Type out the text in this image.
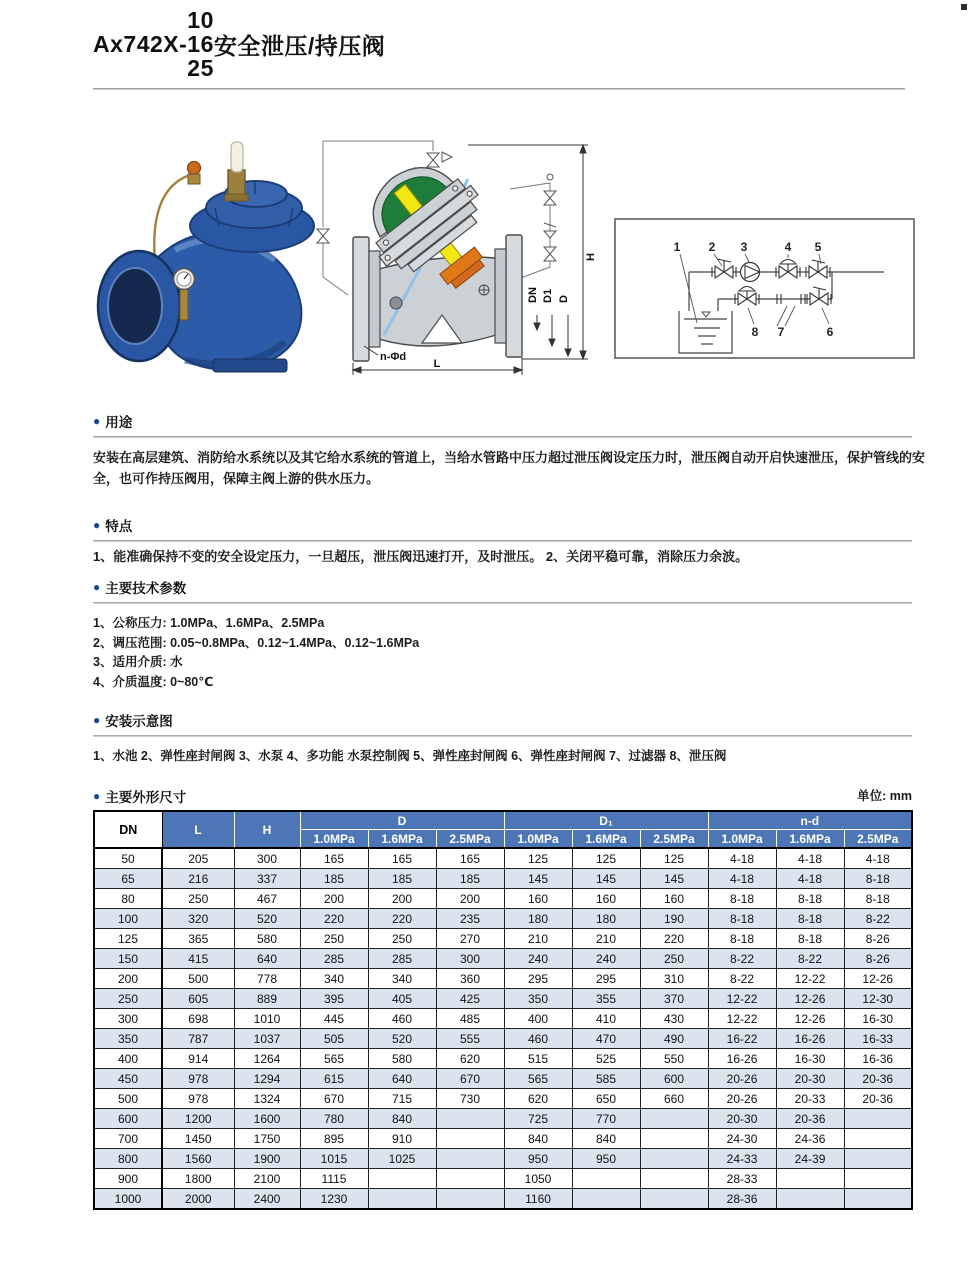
Ax742X-
10
16
25
安全泄压/持压阀
H
DN D1 D
L
n-Φd
1 2 3	4 5
6
7
8
● 用途
安装在高层建筑、消防给水系统以及其它给水系统的管道上，当给水管路中压力超过泄压阀设定压力时，泄压阀自动开启快速泄压，保护管线的安全，也可作持压阀用，保障主阀上游的供水压力。
● 特点
1、能准确保持不变的安全设定压力，一旦超压，泄压阀迅速打开，及时泄压。 2、关闭平稳可靠，消除压力余波。
● 主要技术参数
1、公称压力: 1.0MPa、1.6MPa、2.5MPa
2、调压范围: 0.05~0.8MPa、0.12~1.4MPa、0.12~1.6MPa
3、适用介质: 水
4、介质温度: 0~80℃
● 安装示意图
1、水池 2、弹性座封闸阀 3、水泵 4、多功能 水泵控制阀 5、弹性座封闸阀 6、弹性座封闸阀 7、过滤器 8、泄压阀
● 主要外形尺寸	单位: mm
DN	L	H	D			D₁			n-d		
			1.0MPa	1.6MPa	2.5MPa	1.0MPa	1.6MPa	2.5MPa	1.0MPa	1.6MPa	2.5MPa
50	205	300	165	165	165	125	125	125	4-18	4-18	4-18
65	216	337	185	185	185	145	145	145	4-18	4-18	8-18
80	250	467	200	200	200	160	160	160	8-18	8-18	8-18
100	320	520	220	220	235	180	180	190	8-18	8-18	8-22
125	365	580	250	250	270	210	210	220	8-18	8-18	8-26
150	415	640	285	285	300	240	240	250	8-22	8-22	8-26
200	500	778	340	340	360	295	295	310	8-22	12-22	12-26
250	605	889	395	405	425	350	355	370	12-22	12-26	12-30
300	698	1010	445	460	485	400	410	430	12-22	12-26	16-30
350	787	1037	505	520	555	460	470	490	16-22	16-26	16-33
400	914	1264	565	580	620	515	525	550	16-26	16-30	16-36
450	978	1294	615	640	670	565	585	600	20-26	20-30	20-36
500	978	1324	670	715	730	620	650	660	20-26	20-33	20-36
600	1200	1600	780	840		725	770		20-30	20-36	
700	1450	1750	895	910		840	840		24-30	24-36	
800	1560	1900	1015	1025		950	950		24-33	24-39	
900	1800	2100	1115			1050			28-33		
1000	2000	2400	1230			1160			28-36		
